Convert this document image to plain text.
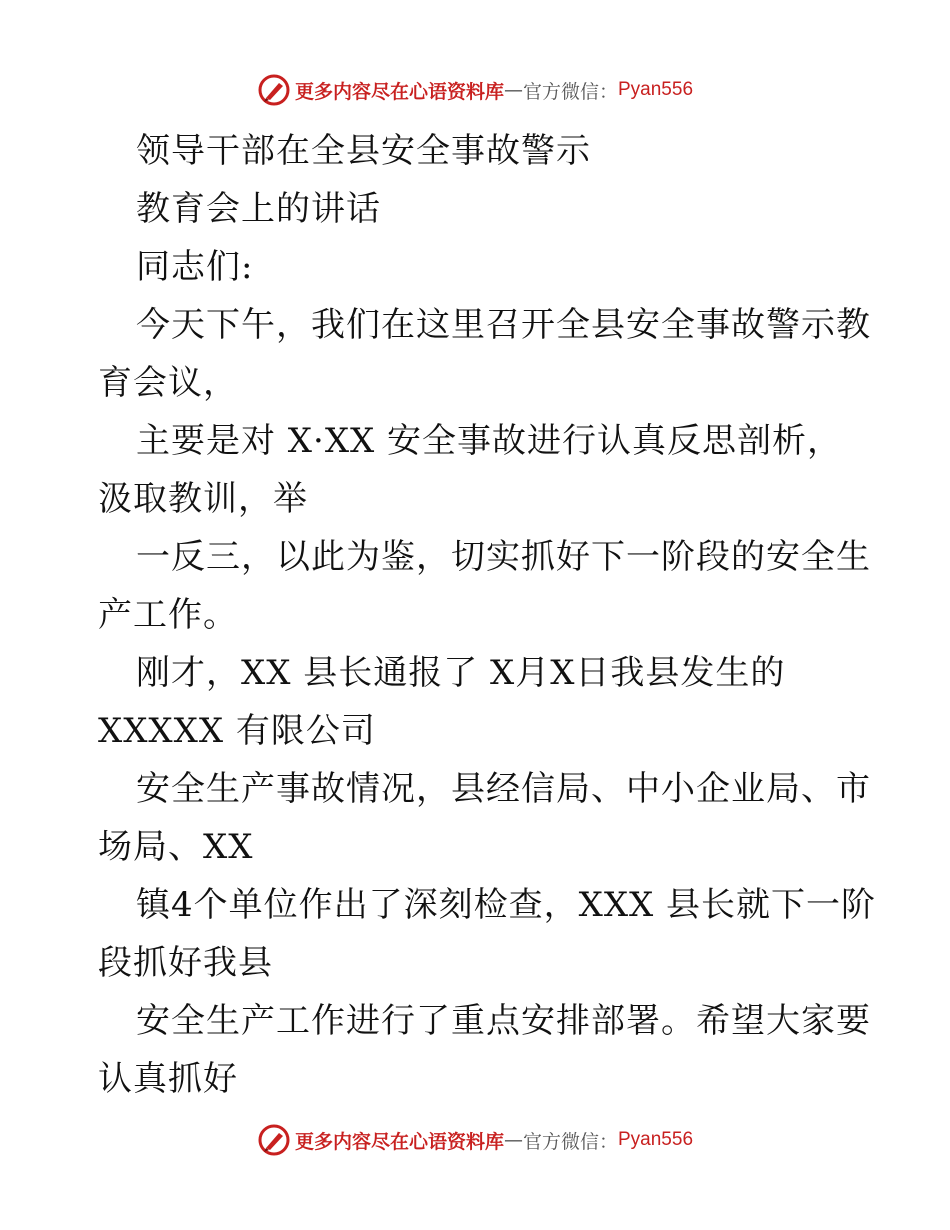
更多内容尽在心语资料库 — 官方微信： Pyan556
领导干部在全县安全事故警示
教育会上的讲话
同志们:
今天下午，我们在这里召开全县安全事故警示教
育会议，
主要是对 X·XX 安全事故进行认真反思剖析，
汲取教训，举
一反三，以此为鉴，切实抓好下一阶段的安全生
产工作。
刚才，XX 县长通报了 X月X日我县发生的
XXXXX 有限公司
安全生产事故情况，县经信局、中小企业局、市
场局、XX
镇4个单位作出了深刻检查，XXX 县长就下一阶
段抓好我县
安全生产工作进行了重点安排部署。希望大家要
认真抓好
更多内容尽在心语资料库 — 官方微信： Pyan556
